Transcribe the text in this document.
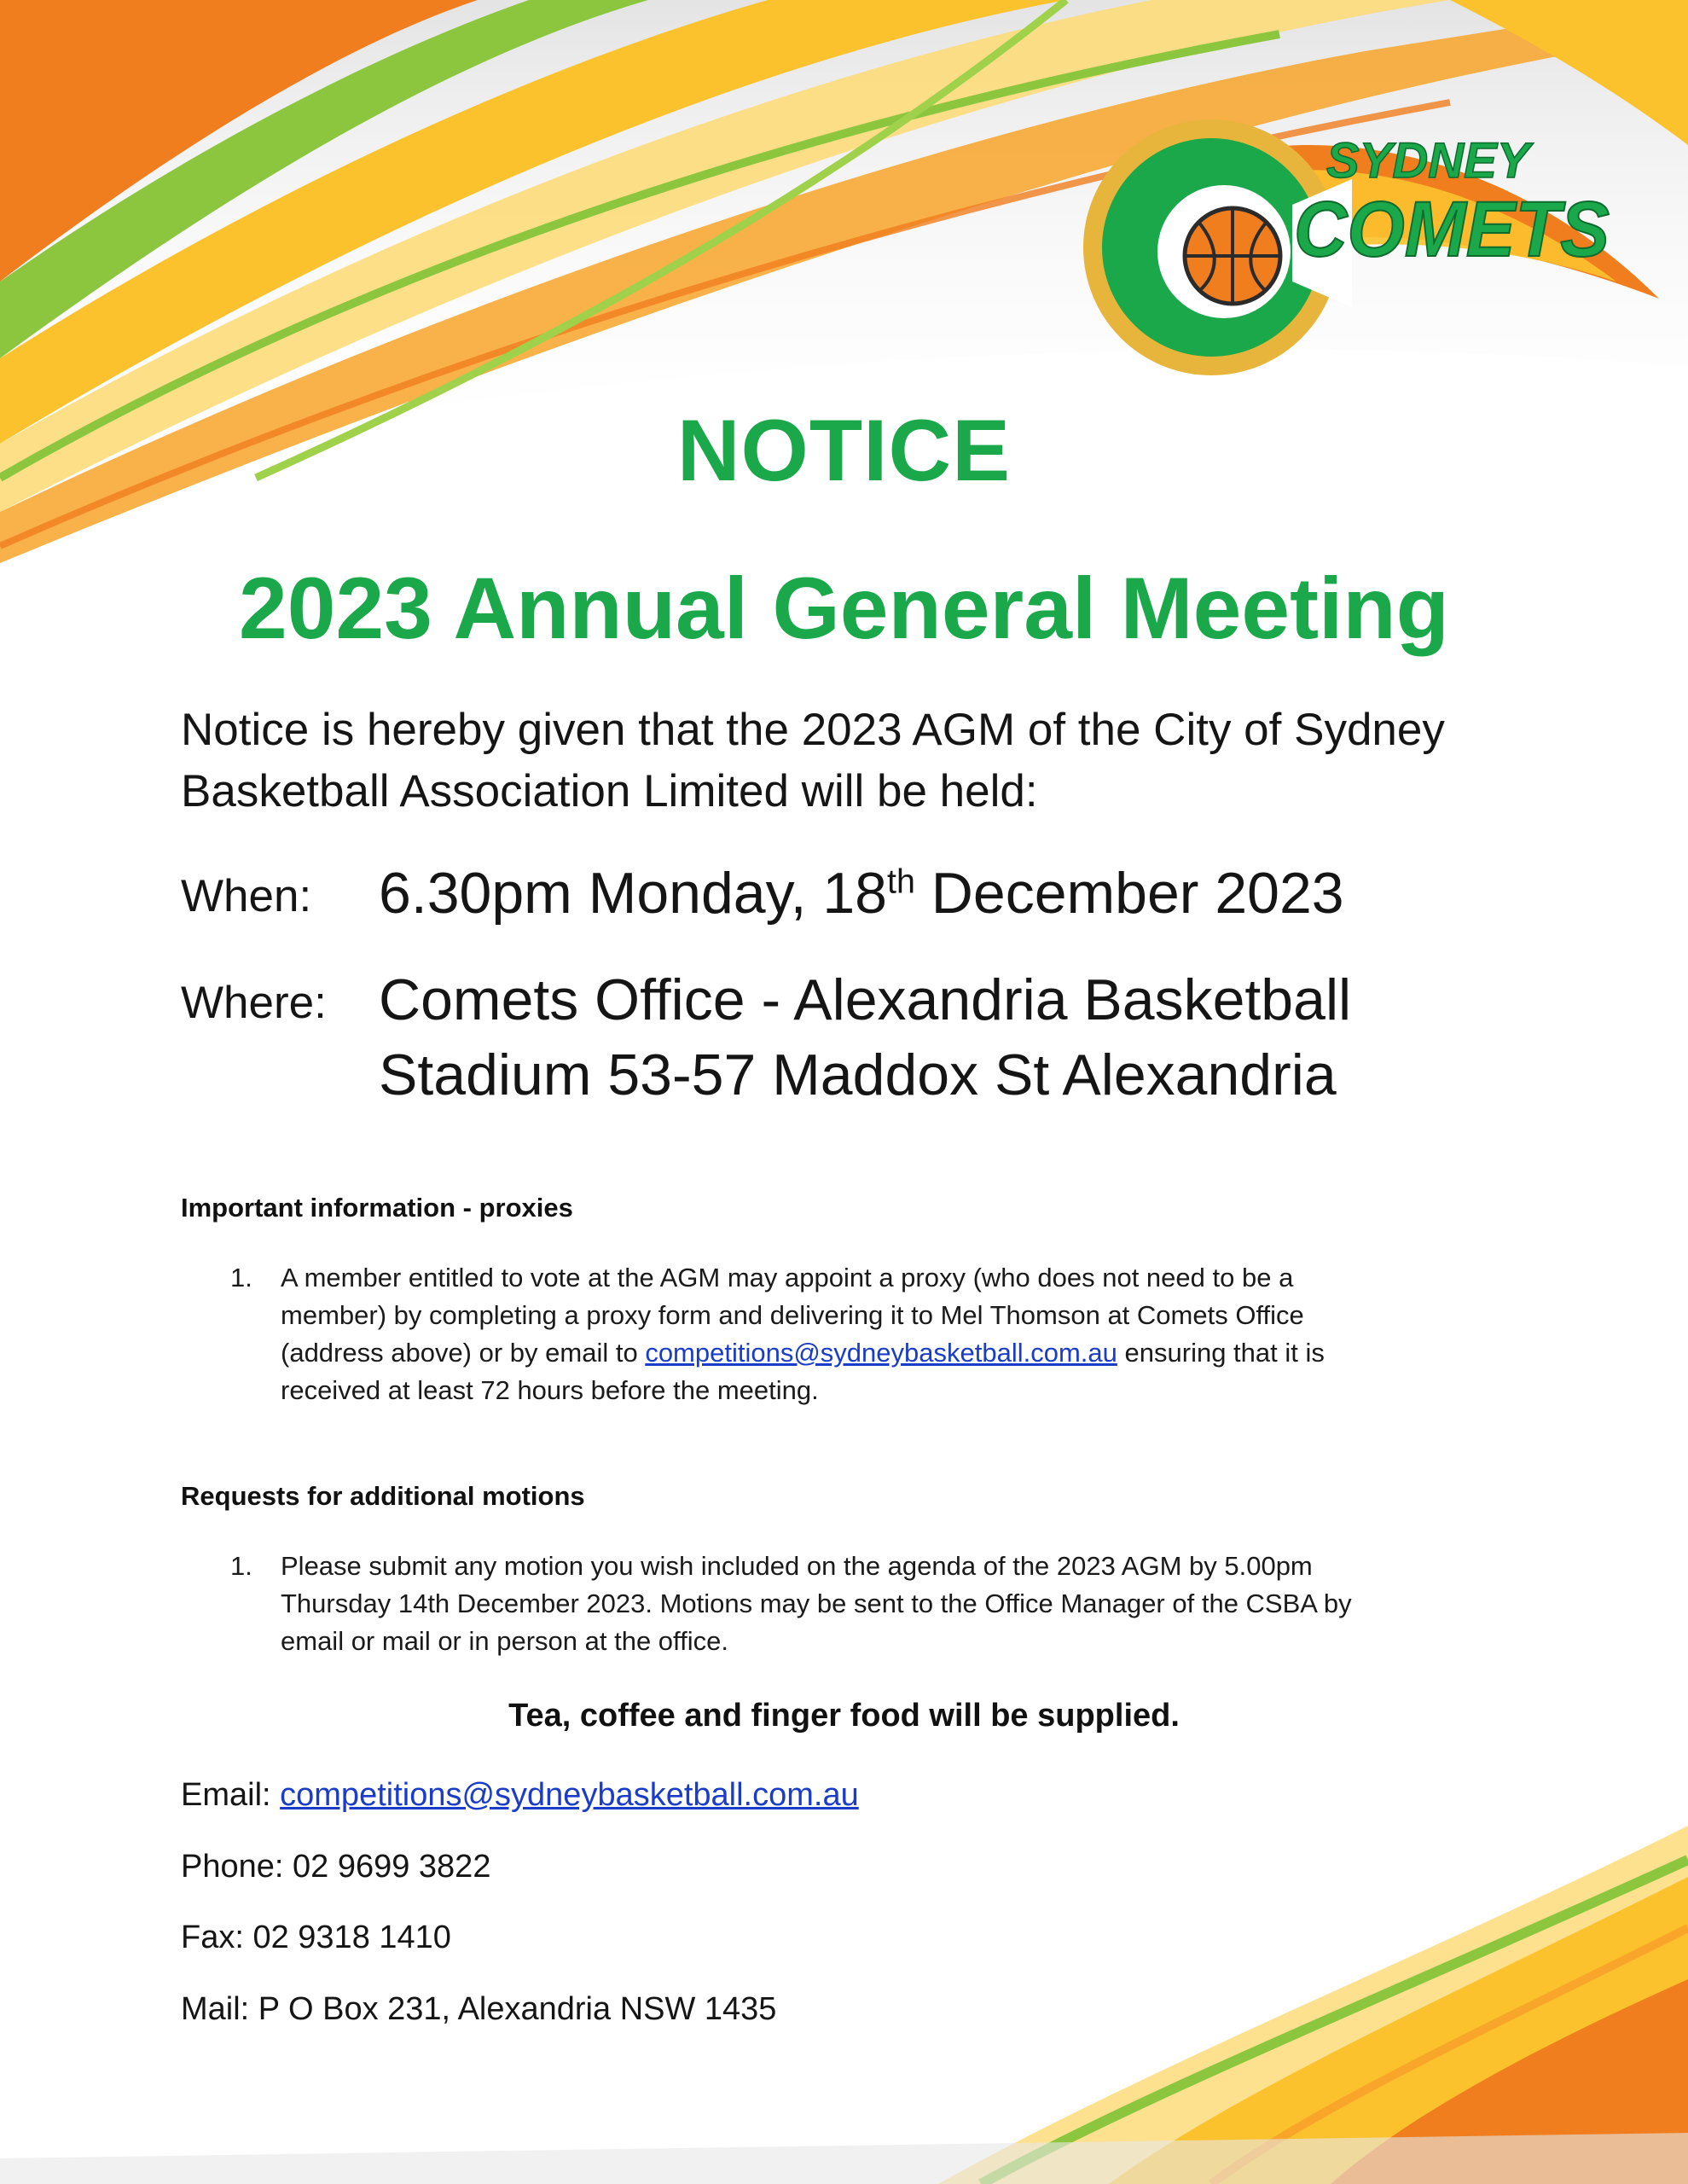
SYDNEY
COMETS
NOTICE
2023 Annual General Meeting
Notice is hereby given that the 2023 AGM of the City of Sydney
Basketball Association Limited will be held:
When: 6.30pm Monday, 18th December 2023
Where: Comets Office - Alexandria Basketball
Stadium 53-57 Maddox St Alexandria
Important information - proxies
1. A member entitled to vote at the AGM may appoint a proxy (who does not need to be a
member) by completing a proxy form and delivering it to Mel Thomson at Comets Office
(address above) or by email to competitions@sydneybasketball.com.au ensuring that it is
received at least 72 hours before the meeting.
Requests for additional motions
1. Please submit any motion you wish included on the agenda of the 2023 AGM by 5.00pm
Thursday 14th December 2023. Motions may be sent to the Office Manager of the CSBA by
email or mail or in person at the office.
Tea, coffee and finger food will be supplied.
Email: competitions@sydneybasketball.com.au
Phone: 02 9699 3822
Fax: 02 9318 1410
Mail: P O Box 231, Alexandria NSW 1435
